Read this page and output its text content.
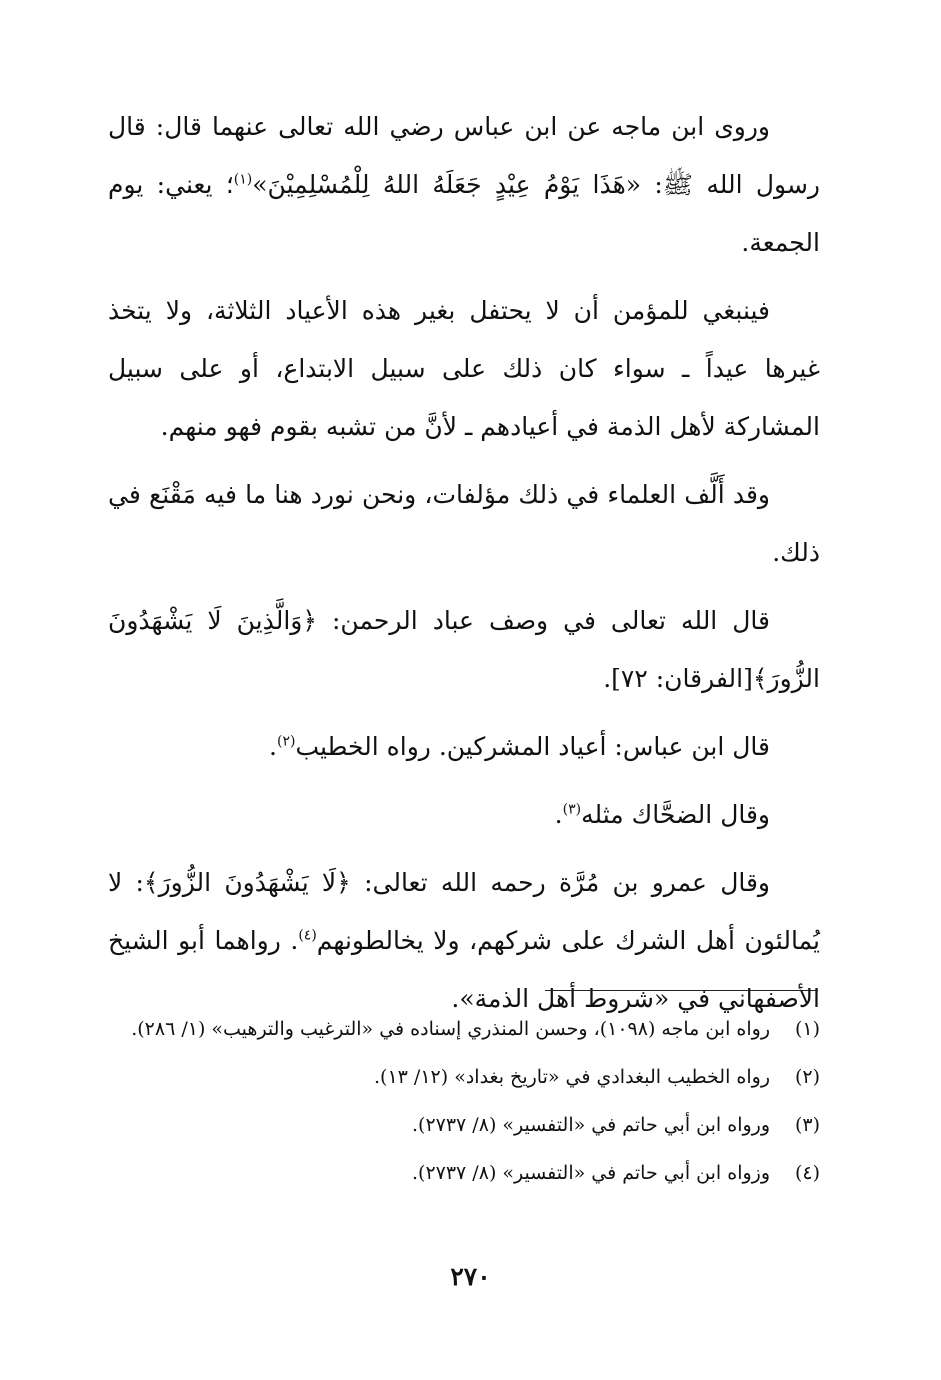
وروى ابن ماجه عن ابن عباس رضي الله تعالى عنهما قال: قال رسول الله ﷺ: «هَذَا يَوْمُ عِيْدٍ جَعَلَهُ اللهُ لِلْمُسْلِمِيْنَ»$^{(١)}$؛ يعني: يوم الجمعة.

فينبغي للمؤمن أن لا يحتفل بغير هذه الأعياد الثلاثة، ولا يتخذ غيرها عيداً ـ سواء كان ذلك على سبيل الابتداع، أو على سبيل المشاركة لأهل الذمة في أعيادهم ـ لأنَّ من تشبه بقوم فهو منهم.

وقد أَلَّف العلماء في ذلك مؤلفات، ونحن نورد هنا ما فيه مَقْنَع في ذلك.

قال الله تعالى في وصف عباد الرحمن: ﴿وَالَّذِينَ لَا يَشْهَدُونَ الزُّورَ﴾[الفرقان: ٧٢].

قال ابن عباس: أعياد المشركين. رواه الخطيب$^{(٢)}$.

وقال الضحَّاك مثله$^{(٣)}$.

وقال عمرو بن مُرَّة رحمه الله تعالى: ﴿لَا يَشْهَدُونَ الزُّورَ﴾: لا يُمالئون أهل الشرك على شركهم، ولا يخالطونهم$^{(٤)}$. رواهما أبو الشيخ الأصفهاني في «شروط أهل الذمة».

(١)
رواه ابن ماجه (١٠٩٨)، وحسن المنذري إسناده في «الترغيب والترهيب» (١/ ٢٨٦).
(٢)
رواه الخطيب البغدادي في «تاريخ بغداد» (١٢/ ١٣).
(٣)
ورواه ابن أبي حاتم في «التفسير» (٨/ ٢٧٣٧).
(٤)
وزواه ابن أبي حاتم في «التفسير» (٨/ ٢٧٣٧).
٢٧٠
